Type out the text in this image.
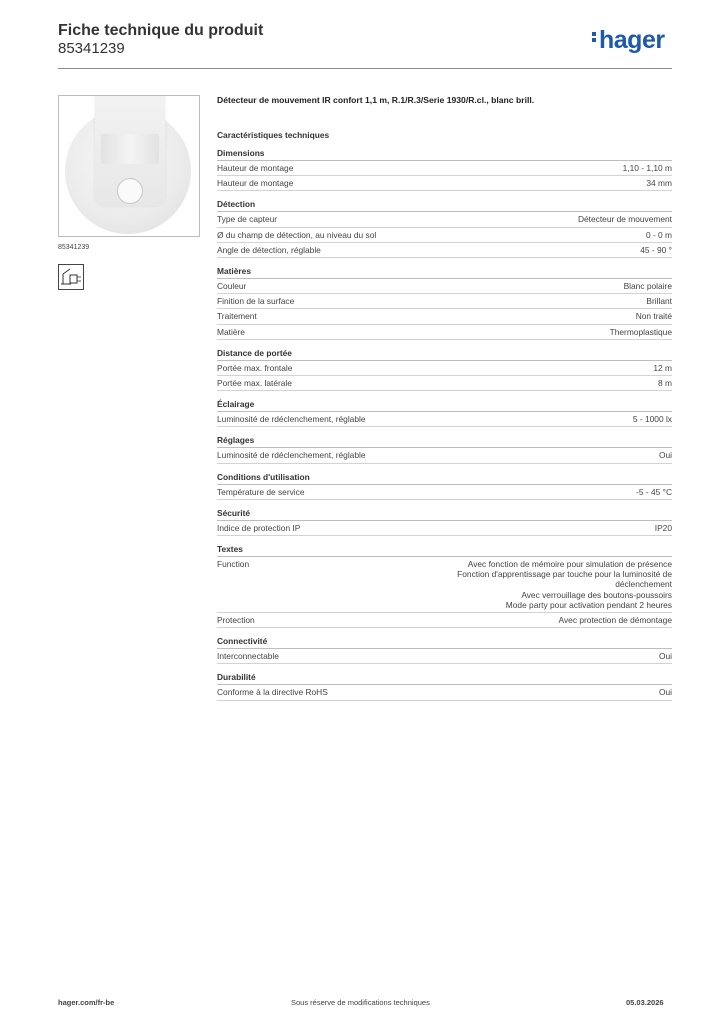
Fiche technique du produit
85341239	hager
85341239
Détecteur de mouvement IR confort 1,1 m, R.1/R.3/Serie 1930/R.cl., blanc brill.
Caractéristiques techniques
Dimensions
Hauteur de montage	1,10 - 1,10 m
Hauteur de montage	34 mm
Détection
Type de capteur	Détecteur de mouvement
Ø du champ de détection, au niveau du sol	0 - 0 m
Angle de détection, réglable	45 - 90 °
Matières
Couleur	Blanc polaire
Finition de la surface	Brillant
Traitement	Non traité
Matière	Thermoplastique
Distance de portée
Portée max. frontale	12 m
Portée max. latérale	8 m
Éclairage
Luminosité de rdéclenchement, réglable	5 - 1000 lx
Réglages
Luminosité de rdéclenchement, réglable	Oui
Conditions d'utilisation
Température de service	-5 - 45 °C
Sécurité
Indice de protection IP	IP20
Textes
Function	Avec fonction de mémoire pour simulation de présence
Fonction d'apprentissage par touche pour la luminosité de
déclenchement
Avec verrouillage des boutons-poussoirs
Mode party pour activation pendant 2 heures
Protection	Avec protection de démontage
Connectivité
Interconnectable	Oui
Durabilité
Conforme à la directive RoHS	Oui
hager.com/fr-be	Sous réserve de modifications techniques	05.03.2026
